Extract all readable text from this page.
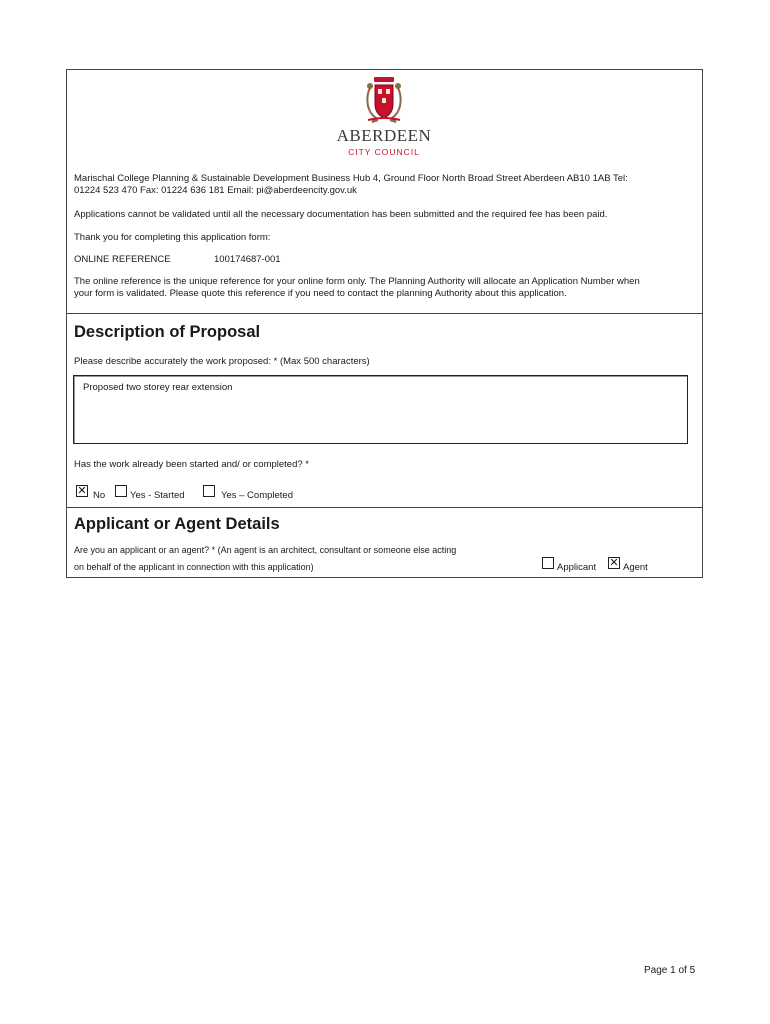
ABERDEEN
CITY COUNCIL
Marischal College Planning & Sustainable Development Business Hub 4, Ground Floor North Broad Street Aberdeen AB10 1AB Tel:
01224 523 470 Fax: 01224 636 181 Email: pi@aberdeencity.gov.uk
Applications cannot be validated until all the necessary documentation has been submitted and the required fee has been paid.
Thank you for completing this application form:
ONLINE REFERENCE	100174687-001
The online reference is the unique reference for your online form only. The Planning Authority will allocate an Application Number when
your form is validated. Please quote this reference if you need to contact the planning Authority about this application.
Description of Proposal
Please describe accurately the work proposed: * (Max 500 characters)
Proposed two storey rear extension
Has the work already been started and/ or completed? *
✕ No	Yes - Started	Yes – Completed
Applicant or Agent Details
Are you an applicant or an agent? * (An agent is an architect, consultant or someone else acting
on behalf of the applicant in connection with this application)	Applicant ✕ Agent
Page 1 of 5
